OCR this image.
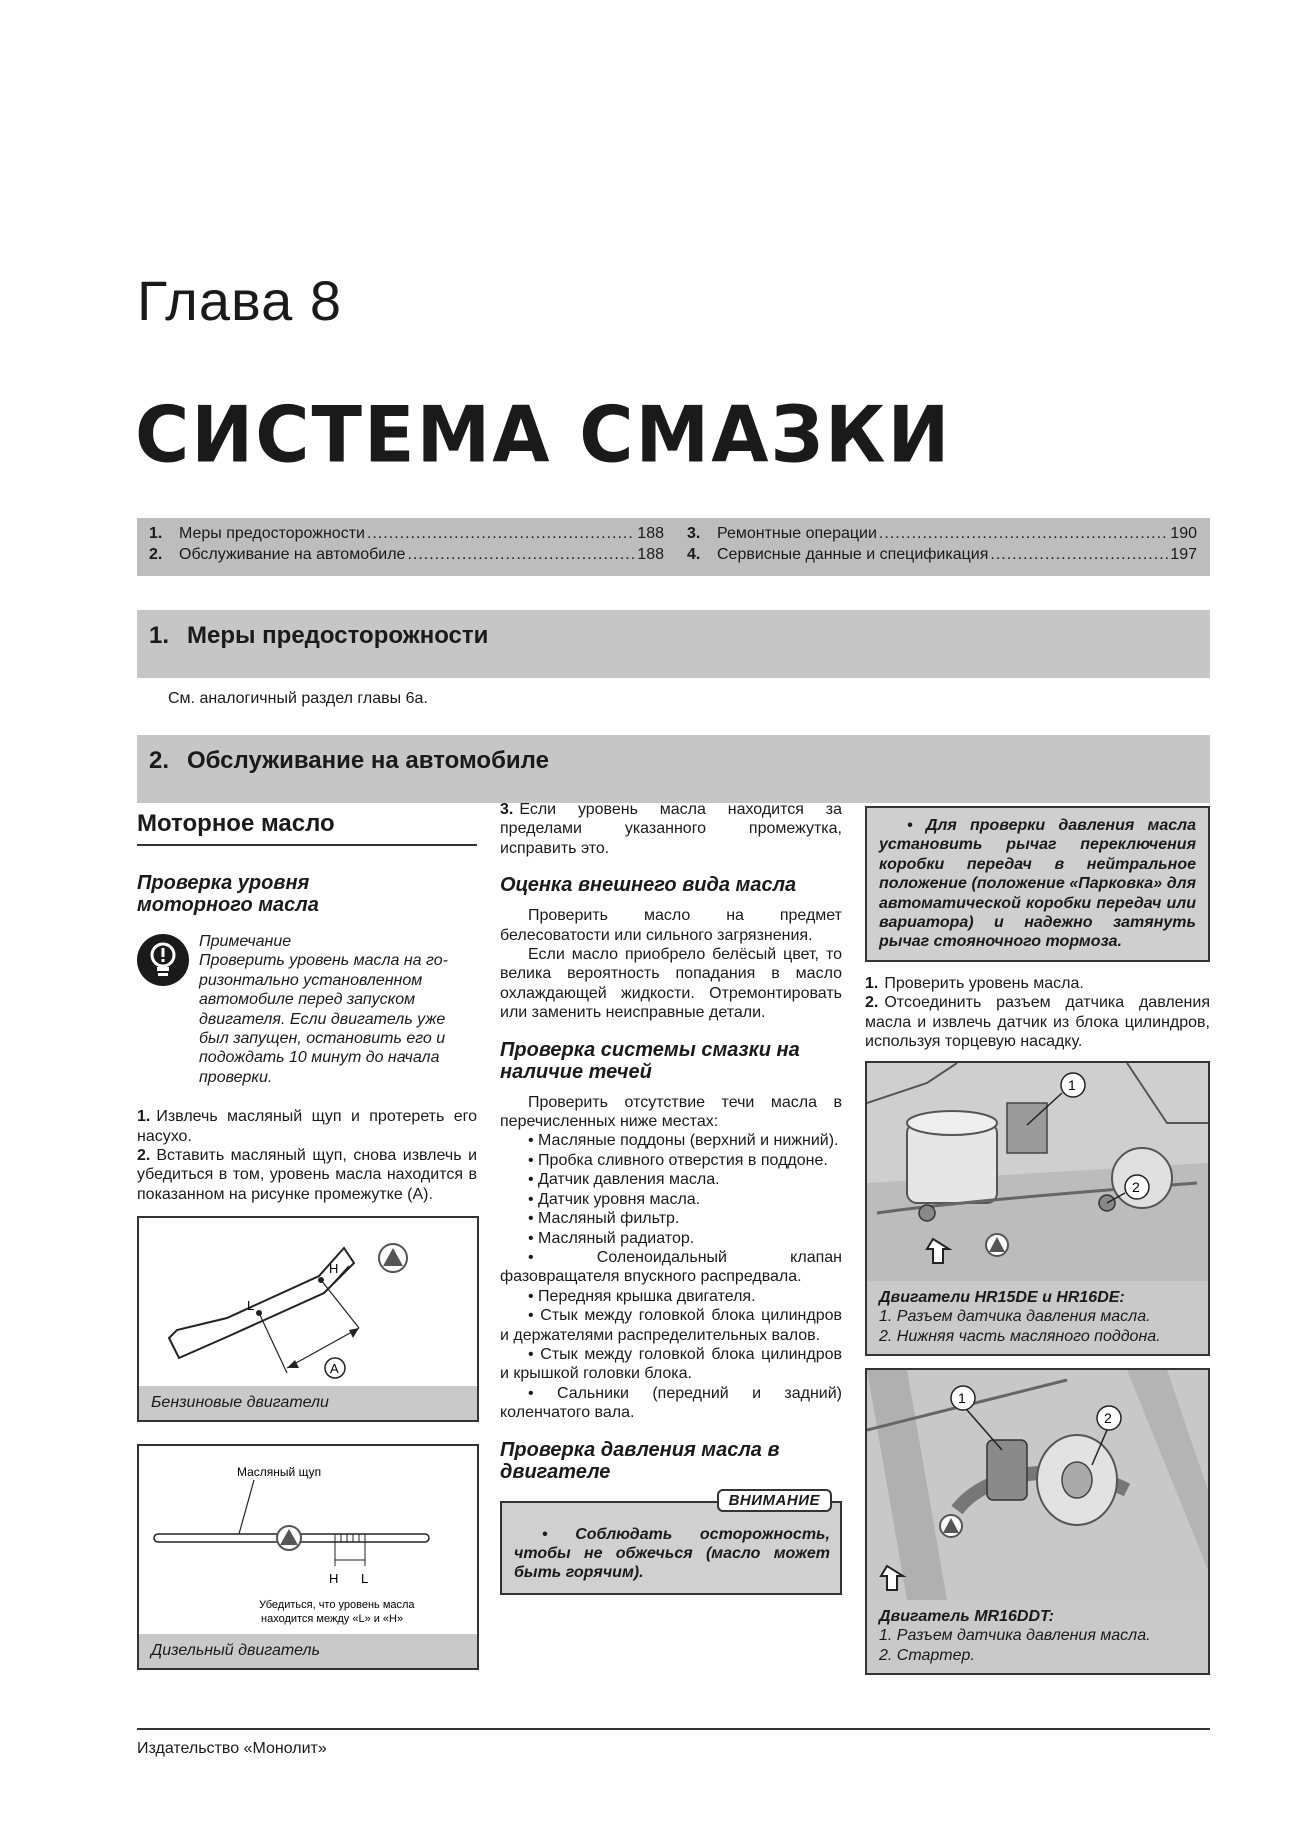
Глава 8
СИСТЕМА СМАЗКИ
1.	Меры предосторожности .....	188
2.	Обслуживание на автомобиле .....	188
3.	Ремонтные операции .....	190
4.	Сервисные данные и спецификация .....	197
1. Меры предосторожности
См. аналогичный раздел главы 6а.
2. Обслуживание на автомобиле
Моторное масло
Проверка уровня моторного масла
Примечание
Проверить уровень масла на го-
ризонтально установленном автомобиле перед запуском двигателя. Если двигатель уже был запущен, остановить его и подождать 10 минут до начала проверки.
1. Извлечь масляный щуп и протереть его насухо.
2. Вставить масляный щуп, снова извлечь и убедиться в том, уровень масла находится в показанном на рисунке промежутке (А).
H
L
A
Бензиновые двигатели
Масляный щуп
H L
Убедиться, что уровень масла
находится между «L» и «H»
Дизельный двигатель
3. Если уровень масла находится за пределами указанного промежутка, исправить это.
Оценка внешнего вида масла
Проверить масло на предмет белесоватости или сильного загрязнения.
Если масло приобрело белёсый цвет, то велика вероятность попадания в масло охлаждающей жидкости. Отремонтировать или заменить неисправные детали.
Проверка системы смазки на наличие течей
Проверить отсутствие течи масла в перечисленных ниже местах:
• Масляные поддоны (верхний и нижний).
• Пробка сливного отверстия в поддоне.
• Датчик давления масла.
• Датчик уровня масла.
• Масляный фильтр.
• Масляный радиатор.
• Соленоидальный клапан фазовращателя впускного распредвала.
• Передняя крышка двигателя.
• Стык между головкой блока цилиндров и держателями распределительных валов.
• Стык между головкой блока цилиндров и крышкой головки блока.
• Сальники (передний и задний) коленчатого вала.
Проверка давления масла в двигателе
ВНИМАНИЕ
• Соблюдать осторожность, чтобы не обжечься (масло может быть горячим).
• Для проверки давления масла установить рычаг переключения коробки передач в нейтральное положение (положение «Парковка» для автоматической коробки передач или вариатора) и надежно затянуть рычаг стояночного тормоза.
1. Проверить уровень масла.
2. Отсоединить разъем датчика давления масла и извлечь датчик из блока цилиндров, используя торцевую насадку.
1
2
Двигатели HR15DE и HR16DE:
1. Разъем датчика давления масла.
2. Нижняя часть масляного поддона.
1
2
Двигатель MR16DDT:
1. Разъем датчика давления масла.
2. Стартер.
Издательство «Монолит»
